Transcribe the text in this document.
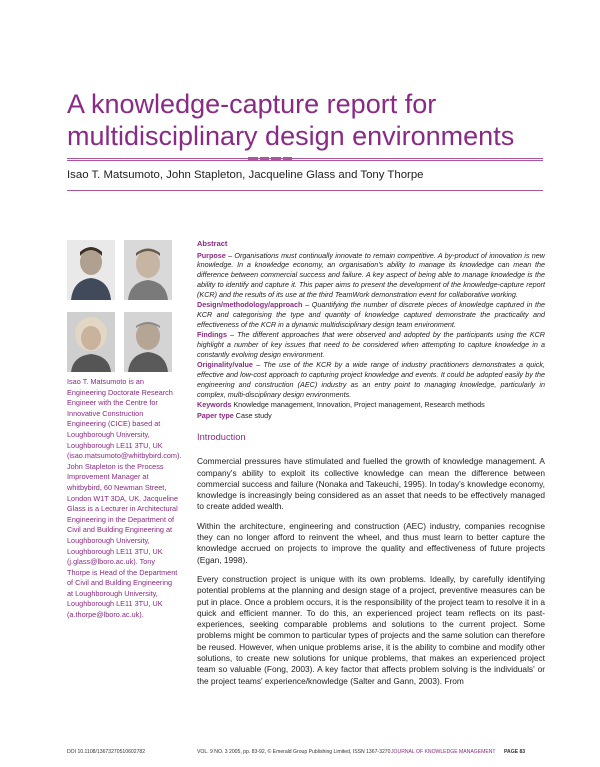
A knowledge-capture report for
multidisciplinary design environments
Isao T. Matsumoto, John Stapleton, Jacqueline Glass and Tony Thorpe
Isao T. Matsumoto is an Engineering Doctorate Research Engineer with the Centre for Innovative Construction Engineering (CICE) based at Loughborough University, Loughborough LE11 3TU, UK (isao.matsumoto@whitbybird.com). John Stapleton is the Process Improvement Manager at whitbybird, 60 Newman Street, London W1T 3DA, UK. Jacqueline Glass is a Lecturer in Architectural Engineering in the Department of Civil and Building Engineering at Loughborough University, Loughborough LE11 3TU, UK (j.glass@lboro.ac.uk). Tony Thorpe is Head of the Department of Civil and Building Engineering at Loughborough University, Loughborough LE11 3TU, UK (a.thorpe@lboro.ac.uk).
Abstract

Purpose – Organisations must continually innovate to remain competitive. A by-product of innovation is new knowledge. In a knowledge economy, an organisation's ability to manage its knowledge can mean the difference between commercial success and failure. A key aspect of being able to manage knowledge is the ability to identify and capture it. This paper aims to present the development of the knowledge-capture report (KCR) and the results of its use at the third TeamWork demonstration event for collaborative working.

Design/methodology/approach – Quantifying the number of discrete pieces of knowledge captured in the KCR and categorising the type and quantity of knowledge captured demonstrate the practicality and effectiveness of the KCR in a dynamic multidisciplinary design team environment.

Findings – The different approaches that were observed and adopted by the participants using the KCR highlight a number of key issues that need to be considered when attempting to capture knowledge in a constantly evolving design environment.

Originality/value – The use of the KCR by a wide range of industry practitioners demonstrates a quick, effective and low-cost approach to capturing project knowledge and events. It could be adopted easily by the engineering and construction (AEC) industry as an entry point to managing knowledge, particularly in complex, multi-disciplinary design environments.

Keywords Knowledge management, Innovation, Project management, Research methods

Paper type Case study

Introduction

Commercial pressures have stimulated and fuelled the growth of knowledge management. A company's ability to exploit its collective knowledge can mean the difference between commercial success and failure (Nonaka and Takeuchi, 1995). In today's knowledge economy, knowledge is increasingly being considered as an asset that needs to be effectively managed to create added wealth.

Within the architecture, engineering and construction (AEC) industry, companies recognise they can no longer afford to reinvent the wheel, and thus must learn to better capture the knowledge accrued on projects to improve the quality and effectiveness of future projects (Egan, 1998).

Every construction project is unique with its own problems. Ideally, by carefully identifying potential problems at the planning and design stage of a project, preventive measures can be put in place. Once a problem occurs, it is the responsibility of the project team to resolve it in a quick and efficient manner. To do this, an experienced project team reflects on its past-experiences, seeking comparable problems and solutions to the current project. Some problems might be common to particular types of projects and the same solution can therefore be reused. However, when unique problems arise, it is the ability to combine and modify other solutions, to create new solutions for unique problems, that makes an experienced project team so valuable (Fong, 2003). A key factor that affects problem solving is the individuals' or the project teams' experience/knowledge (Salter and Gann, 2003). From

DOI 10.1108/13673270510602782	VOL. 9 NO. 3 2005, pp. 83-92, © Emerald Group Publishing Limited, ISSN 1367-3270 JOURNAL OF KNOWLEDGE MANAGEMENT PAGE 83
